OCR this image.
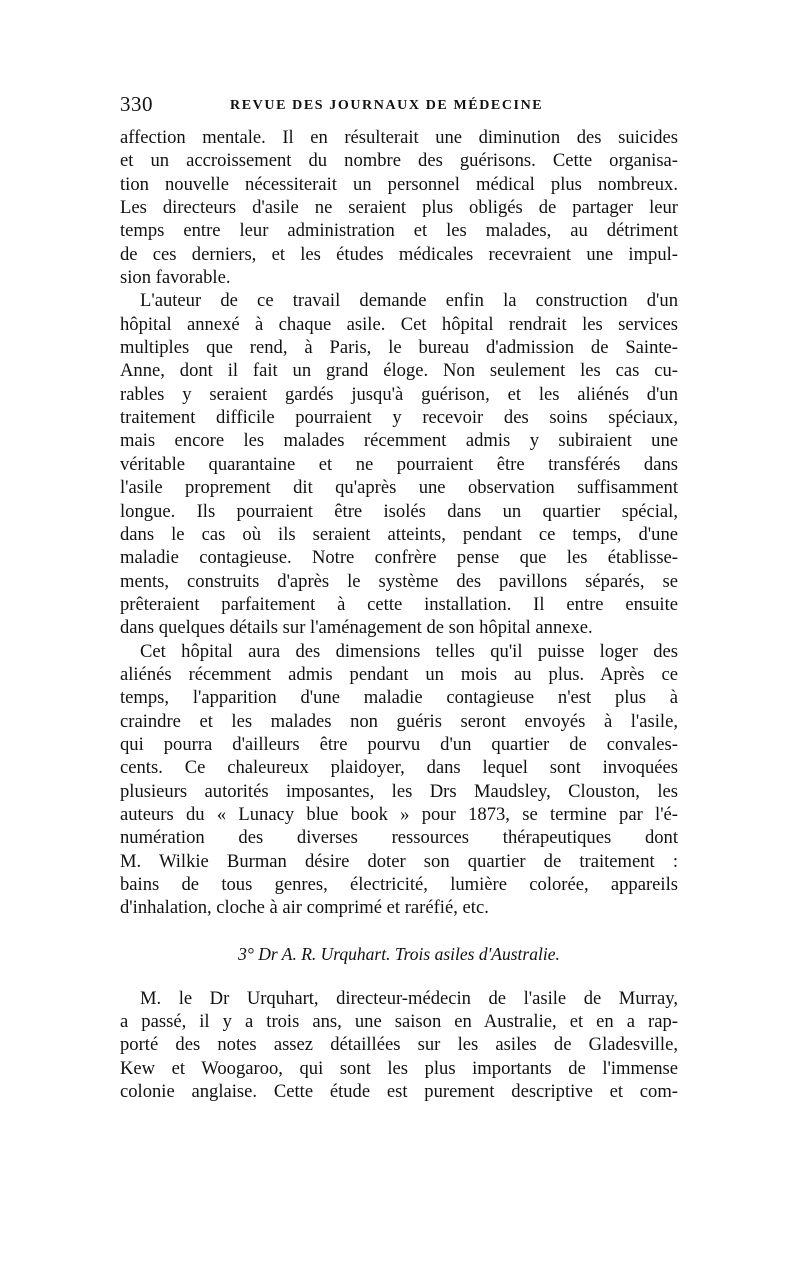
330	REVUE DES JOURNAUX DE MÉDECINE

affection mentale. Il en résulterait une diminution des suicides
et un accroissement du nombre des guérisons. Cette organisa-
tion nouvelle nécessiterait un personnel médical plus nombreux.
Les directeurs d'asile ne seraient plus obligés de partager leur
temps entre leur administration et les malades, au détriment
de ces derniers, et les études médicales recevraient une impul-
sion favorable.

L'auteur de ce travail demande enfin la construction d'un
hôpital annexé à chaque asile. Cet hôpital rendrait les services
multiples que rend, à Paris, le bureau d'admission de Sainte-
Anne, dont il fait un grand éloge. Non seulement les cas cu-
rables y seraient gardés jusqu'à guérison, et les aliénés d'un
traitement difficile pourraient y recevoir des soins spéciaux,
mais encore les malades récemment admis y subiraient une
véritable quarantaine et ne pourraient être transférés dans
l'asile proprement dit qu'après une observation suffisamment
longue. Ils pourraient être isolés dans un quartier spécial,
dans le cas où ils seraient atteints, pendant ce temps, d'une
maladie contagieuse. Notre confrère pense que les établisse-
ments, construits d'après le système des pavillons séparés, se
prêteraient parfaitement à cette installation. Il entre ensuite
dans quelques détails sur l'aménagement de son hôpital annexe.

Cet hôpital aura des dimensions telles qu'il puisse loger des
aliénés récemment admis pendant un mois au plus. Après ce
temps, l'apparition d'une maladie contagieuse n'est plus à
craindre et les malades non guéris seront envoyés à l'asile,
qui pourra d'ailleurs être pourvu d'un quartier de convales-
cents. Ce chaleureux plaidoyer, dans lequel sont invoquées
plusieurs autorités imposantes, les Drs Maudsley, Clouston, les
auteurs du « Lunacy blue book » pour 1873, se termine par l'é-
numération des diverses ressources thérapeutiques dont
M. Wilkie Burman désire doter son quartier de traitement :
bains de tous genres, électricité, lumière colorée, appareils
d'inhalation, cloche à air comprimé et raréfié, etc.

3° Dr A. R. Urquhart. Trois asiles d'Australie.

M. le Dr Urquhart, directeur-médecin de l'asile de Murray,
a passé, il y a trois ans, une saison en Australie, et en a rap-
porté des notes assez détaillées sur les asiles de Gladesville,
Kew et Woogaroo, qui sont les plus importants de l'immense
colonie anglaise. Cette étude est purement descriptive et com-
